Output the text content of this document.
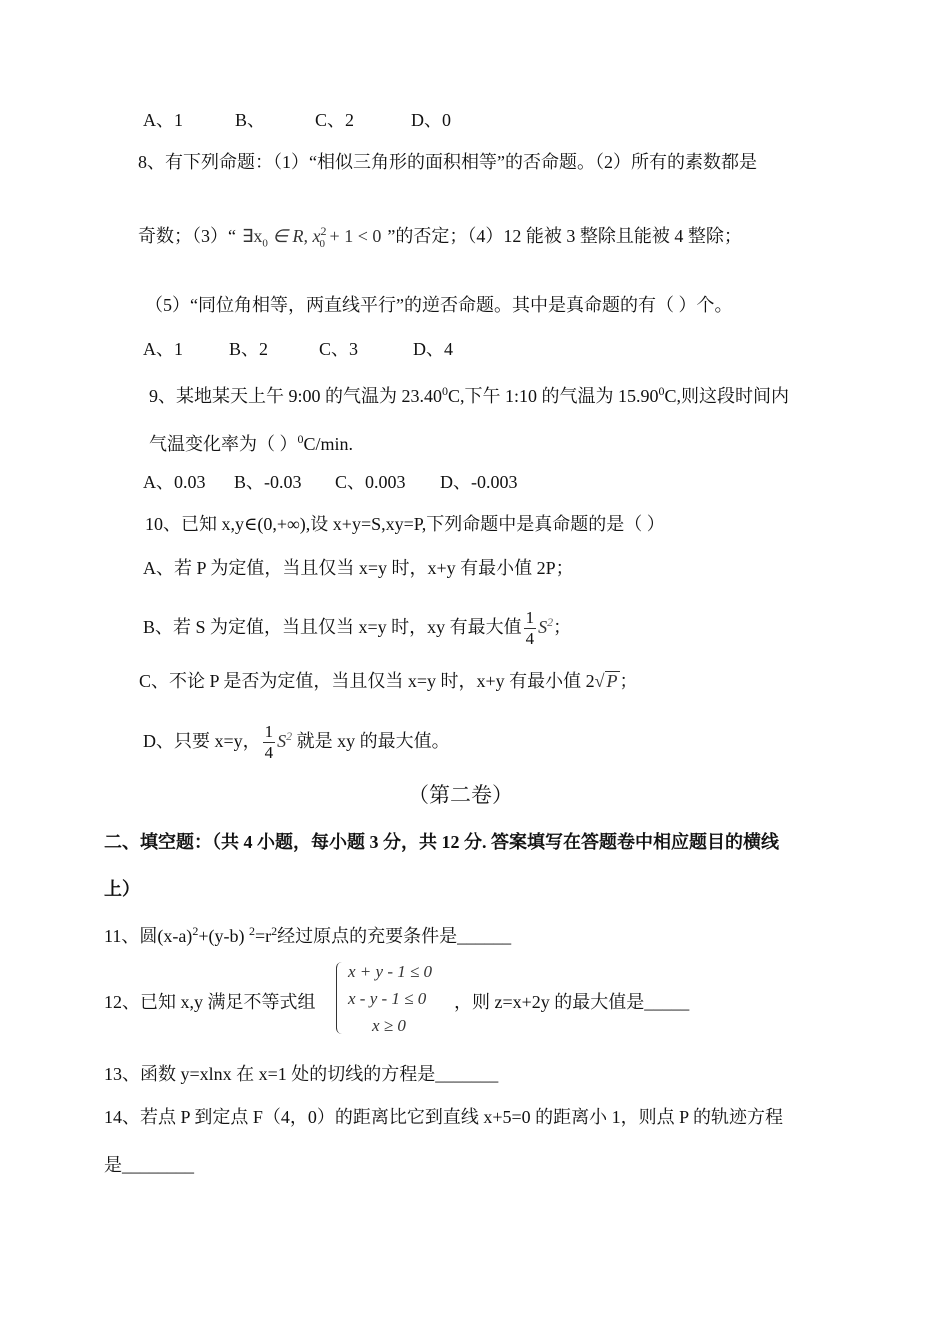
A、1	B、	C、2	D、0
8、有下列命题：（1）“相似三角形的面积相等”的否命题。（2）所有的素数都是
奇数；（3）“ $\exists x_0$ ∈ R, $x^2_0 + 1 < 0$ ”的否定；（4）12 能被 3 整除且能被 4 整除；
（5）“同位角相等，两直线平行”的逆否命题。其中是真命题的有（ ）个。
A、1	B、2	C、3	D、4
9、某地某天上午 9:00 的气温为 23.40$^0$C,下午 1:10 的气温为 15.90$^0$C,则这段时间内
气温变化率为（ ）$^0$C/min.
A、0.03 B、-0.03 C、0.003 D、-0.003
10、已知 x,y∈(0,+∞),设 x+y=S,xy=P,下列命题中是真命题的是（ ）
A、若 P 为定值，当且仅当 x=y 时，x+y 有最小值 2P；
B、若 S 为定值，当且仅当 x=y 时，xy 有最大值 $\frac{1}{4} S^2$；
C、不论 P 是否为定值，当且仅当 x=y 时，x+y 有最小值 2√ P ；
D、只要 x=y， $\frac{1}{4} S^2$ 就是 xy 的最大值。
（第二卷）
二、填空题：（共 4 小题，每小题 3 分，共 12 分. 答案填写在答题卷中相应题目的横线
上）
11、圆$(x-a)^2+(y-b)$ $^2=r^2$经过原点的充要条件是______
12、已知 x,y 满足不等式组
x + y - 1 ≤ 0
x - y - 1 ≤ 0
x ≥ 0
，则 z=x+2y 的最大值是_____
13、函数 y=xlnx 在 x=1 处的切线的方程是_______
14、若点 P 到定点 F（4，0）的距离比它到直线 x+5=0 的距离小 1，则点 P 的轨迹方程
是________
